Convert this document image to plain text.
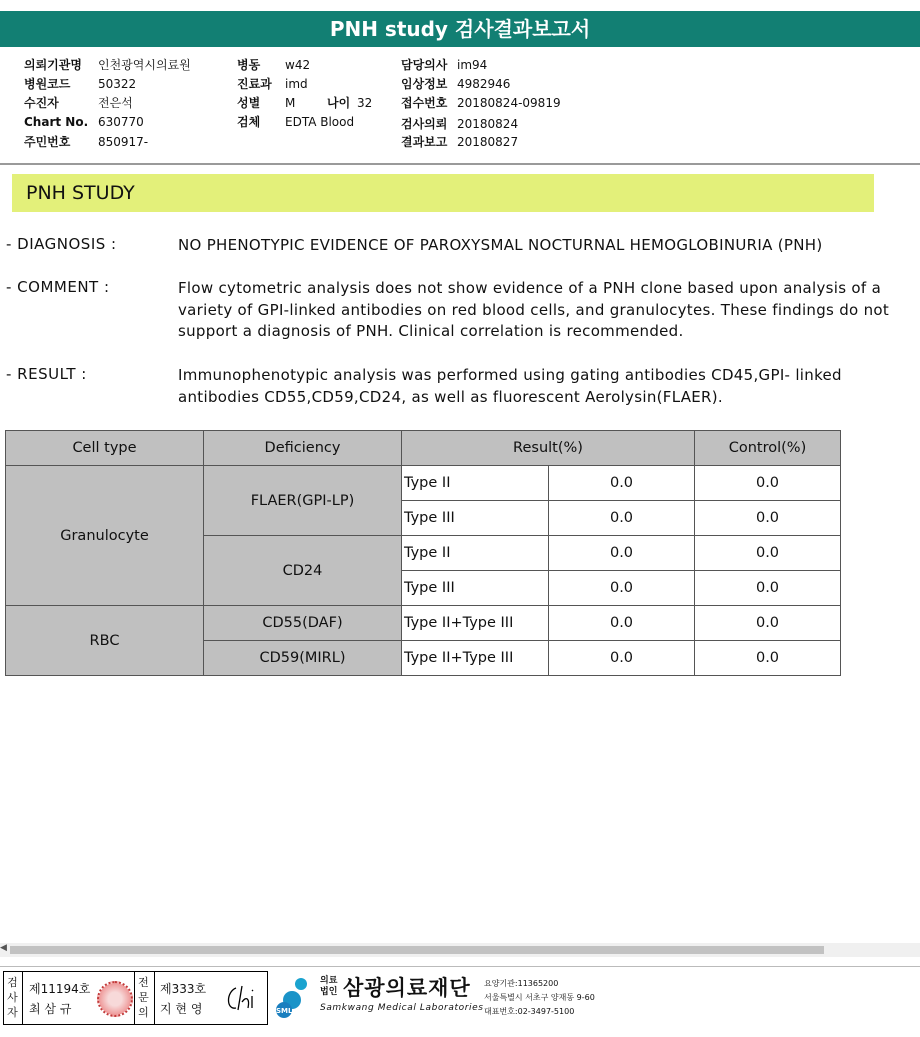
PNH study 검사결과보고서
의뢰기관명 인천광역시의료원
병원코드 50322
수진자	전은석
Chart No. 630770
주민번호 850917-
병동 w42
진료과 imd
성별 M	나이 32
검체 EDTA Blood
담당의사 im94
임상정보 4982946
접수번호 20180824-09819
검사의뢰 20180824
결과보고 20180827
PNH STUDY
- DIAGNOSIS :	NO PHENOTYPIC EVIDENCE OF PAROXYSMAL NOCTURNAL HEMOGLOBINURIA (PNH)
- COMMENT :	Flow cytometric analysis does not show evidence of a PNH clone based upon analysis of a variety of GPI-linked antibodies on red blood cells, and granulocytes. These findings do not support a diagnosis of PNH. Clinical correlation is recommended.
- RESULT :	Immunophenotypic analysis was performed using gating antibodies CD45,GPI- linked antibodies CD55,CD59,CD24, as well as fluorescent Aerolysin(FLAER).
Cell type	Deficiency	Result(%)		Control(%)
Granulocyte	FLAER(GPI-LP)	Type II	0.0	0.0
		Type III	0.0	0.0
	CD24	Type II	0.0	0.0
		Type III	0.0	0.0
RBC	CD55(DAF)	Type II+Type III	0.0	0.0
	CD59(MIRL)	Type II+Type III	0.0	0.0
◀
검사자
제11194호
최 삼 규
전문의
제333호
지 현 영	SML
의료법인 삼광의료재단
Samkwang Medical Laboratories
요양기관:11365200
서울특별시 서초구 양재동 9-60
대표번호:02-3497-5100
